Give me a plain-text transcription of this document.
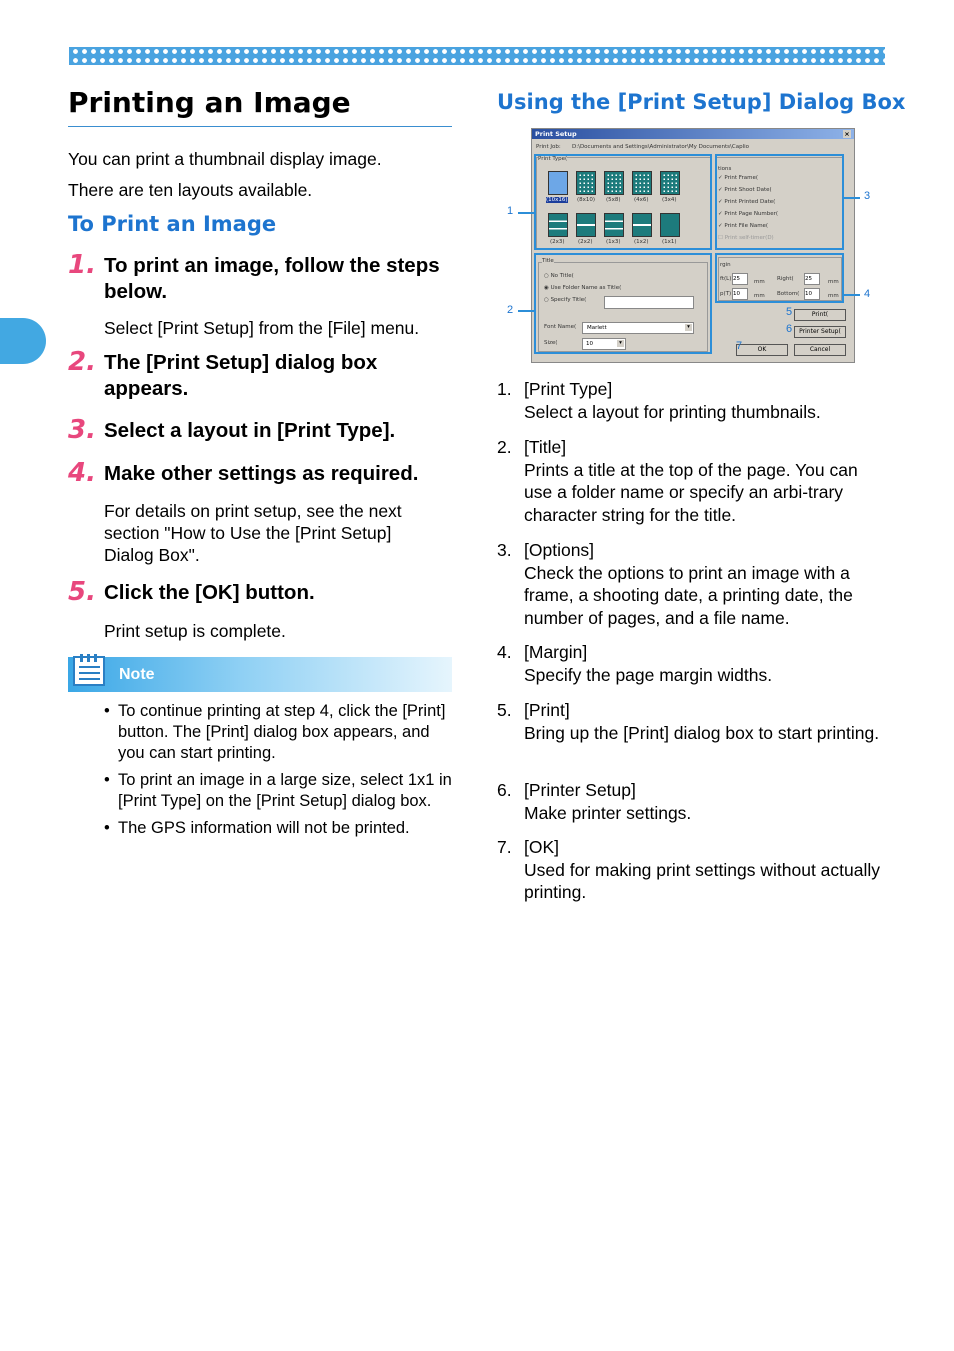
Printing an Image
You can print a thumbnail display image.
There are ten layouts available.
To Print an Image
1. To print an image, follow the steps below.
Select [Print Setup] from the [File] menu.
2. The [Print Setup] dialog box appears.
3. Select a layout in [Print Type].
4. Make other settings as required.
For details on print setup, see the next section "How to Use the [Print Setup] Dialog Box".
5. Click the [OK] button.
Print setup is complete.
Note
• To continue printing at step 4, click the [Print] button. The [Print] dialog box appears, and you can start printing.
• To print an image in a large size, select 1x1 in [Print Type] on the [Print Setup] dialog box.
• The GPS information will not be printed.
Using the [Print Setup] Dialog Box
Print Setup	×
Print Job: D:\Documents and Settings\Administrator\My Documents\Caplio
Print Type(
(10x16) (8x10) (5x8) (4x6) (3x4)
(2x3) (2x2) (1x3) (1x2) (1x1)
tions
✓ Print Frame(
✓ Print Shoot Date(
✓ Print Printed Date(
✓ Print Page Number(
✓ Print File Name(
☐ Print self-timer(D)
Title
○ No Title(
◉ Use Folder Name as Title(
○ Specify Title(
Font Name(	Marlett	▾
Size(	10	▾
rgin
ft(L) 25	mm Right( 25	mm
p(T) 10	mm Bottom( 10	mm
Print(
Printer Setup(
OK	Cancel
1
2
3
4
5
6
7
1. [Print Type]
Select a layout for printing thumbnails.
2. [Title]
Prints a title at the top of the page. You can use a folder name or specify an arbi-trary character string for the title.
3. [Options]
Check the options to print an image with a frame, a shooting date, a printing date, the number of pages, and a file name.
4. [Margin]
Specify the page margin widths.
5. [Print]
Bring up the [Print] dialog box to start printing.
6. [Printer Setup]
Make printer settings.
7. [OK]
Used for making print settings without actually printing.
